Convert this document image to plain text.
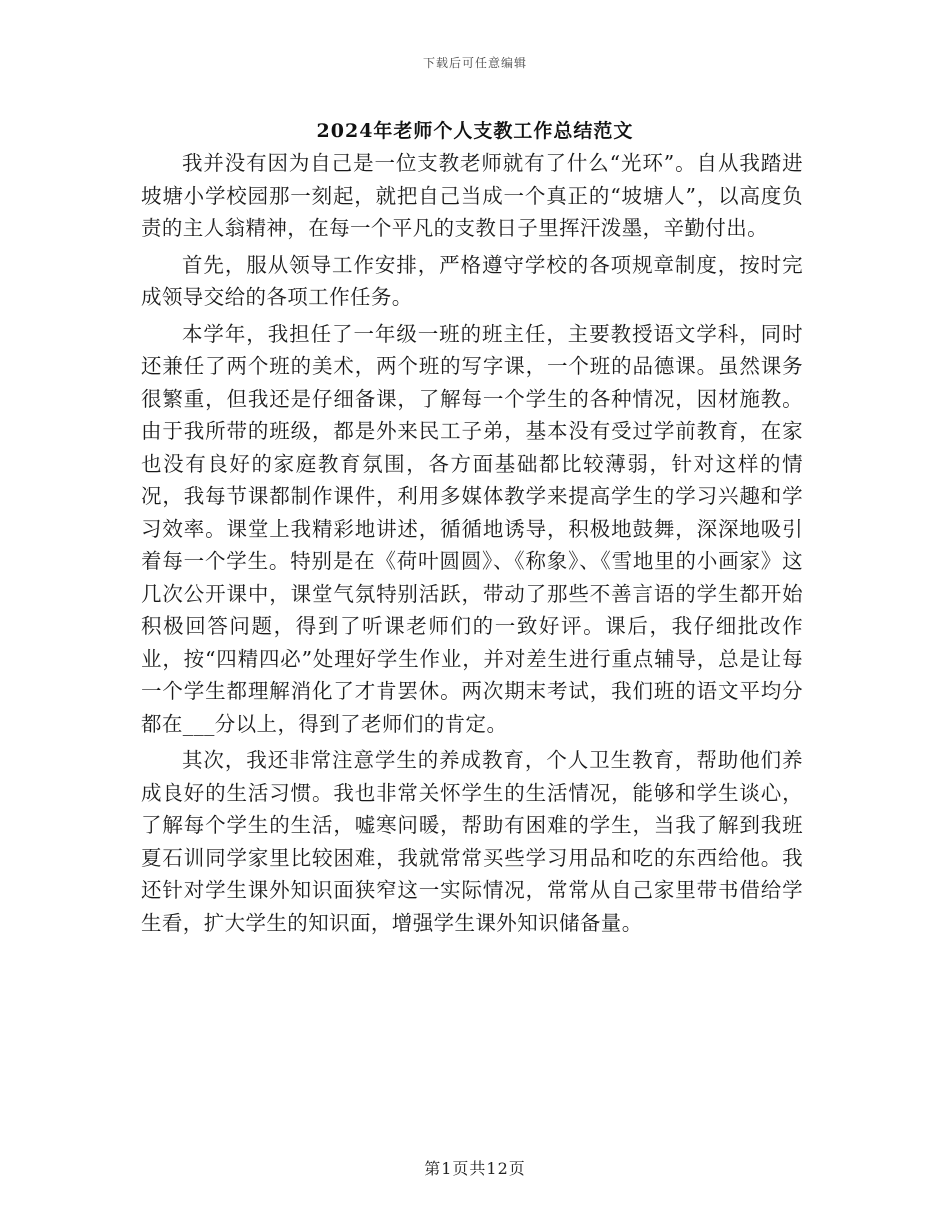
下载后可任意编辑
2024年老师个人支教工作总结范文

我并没有因为自己是一位支教老师就有了什么“光环”。自从我踏进坡塘小学校园那一刻起，就把自己当成一个真正的“坡塘人”，以高度负责的主人翁精神，在每一个平凡的支教日子里挥汗泼墨，辛勤付出。

首先，服从领导工作安排，严格遵守学校的各项规章制度，按时完成领导交给的各项工作任务。

本学年，我担任了一年级一班的班主任，主要教授语文学科，同时还兼任了两个班的美术，两个班的写字课，一个班的品德课。虽然课务很繁重，但我还是仔细备课，了解每一个学生的各种情况，因材施教。由于我所带的班级，都是外来民工子弟，基本没有受过学前教育，在家也没有良好的家庭教育氛围，各方面基础都比较薄弱，针对这样的情况，我每节课都制作课件，利用多媒体教学来提高学生的学习兴趣和学习效率。课堂上我精彩地讲述，循循地诱导，积极地鼓舞，深深地吸引着每一个学生。特别是在《荷叶圆圆》、《称象》、《雪地里的小画家》这几次公开课中，课堂气氛特别活跃，带动了那些不善言语的学生都开始积极回答问题，得到了听课老师们的一致好评。课后，我仔细批改作业，按“四精四必”处理好学生作业，并对差生进行重点辅导，总是让每一个学生都理解消化了才肯罢休。两次期末考试，我们班的语文平均分都在___分以上，得到了老师们的肯定。

其次，我还非常注意学生的养成教育，个人卫生教育，帮助他们养成良好的生活习惯。我也非常关怀学生的生活情况，能够和学生谈心，了解每个学生的生活，嘘寒问暖，帮助有困难的学生，当我了解到我班夏石训同学家里比较困难，我就常常买些学习用品和吃的东西给他。我还针对学生课外知识面狭窄这一实际情况，常常从自己家里带书借给学生看，扩大学生的知识面，增强学生课外知识储备量。

第1页共12页
